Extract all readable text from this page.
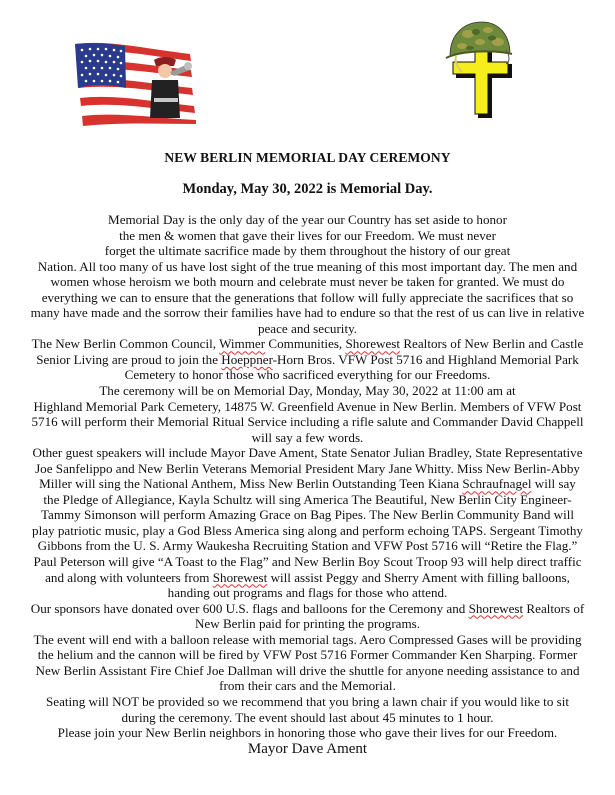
NEW BERLIN MEMORIAL DAY CEREMONY
Monday, May 30, 2022 is Memorial Day.
Memorial Day is the only day of the year our Country has set aside to honor
the men & women that gave their lives for our Freedom. We must never
forget the ultimate sacrifice made by them throughout the history of our great
Nation. All too many of us have lost sight of the true meaning of this most important day. The men and
women whose heroism we both mourn and celebrate must never be taken for granted. We must do
everything we can to ensure that the generations that follow will fully appreciate the sacrifices that so
many have made and the sorrow their families have had to endure so that the rest of us can live in relative
peace and security.
The New Berlin Common Council, Wimmer Communities, Shorewest Realtors of New Berlin and Castle
Senior Living are proud to join the Hoeppner-Horn Bros. VFW Post 5716 and Highland Memorial Park
Cemetery to honor those who sacrificed everything for our Freedoms.
The ceremony will be on Memorial Day, Monday, May 30, 2022 at 11:00 am at
Highland Memorial Park Cemetery, 14875 W. Greenfield Avenue in New Berlin. Members of VFW Post
5716 will perform their Memorial Ritual Service including a rifle salute and Commander David Chappell
will say a few words.
Other guest speakers will include Mayor Dave Ament, State Senator Julian Bradley, State Representative
Joe Sanfelippo and New Berlin Veterans Memorial President Mary Jane Whitty. Miss New Berlin-Abby
Miller will sing the National Anthem, Miss New Berlin Outstanding Teen Kiana Schraufnagel will say
the Pledge of Allegiance, Kayla Schultz will sing America The Beautiful, New Berlin City Engineer-
Tammy Simonson will perform Amazing Grace on Bag Pipes. The New Berlin Community Band will
play patriotic music, play a God Bless America sing along and perform echoing TAPS. Sergeant Timothy
Gibbons from the U. S. Army Waukesha Recruiting Station and VFW Post 5716 will “Retire the Flag.”
Paul Peterson will give “A Toast to the Flag” and New Berlin Boy Scout Troop 93 will help direct traffic
and along with volunteers from Shorewest will assist Peggy and Sherry Ament with filling balloons,
handing out programs and flags for those who attend.
Our sponsors have donated over 600 U.S. flags and balloons for the Ceremony and Shorewest Realtors of
New Berlin paid for printing the programs.
The event will end with a balloon release with memorial tags. Aero Compressed Gases will be providing
the helium and the cannon will be fired by VFW Post 5716 Former Commander Ken Sharping. Former
New Berlin Assistant Fire Chief Joe Dallman will drive the shuttle for anyone needing assistance to and
from their cars and the Memorial.
Seating will NOT be provided so we recommend that you bring a lawn chair if you would like to sit
during the ceremony. The event should last about 45 minutes to 1 hour.
Please join your New Berlin neighbors in honoring those who gave their lives for our Freedom.
Mayor Dave Ament
